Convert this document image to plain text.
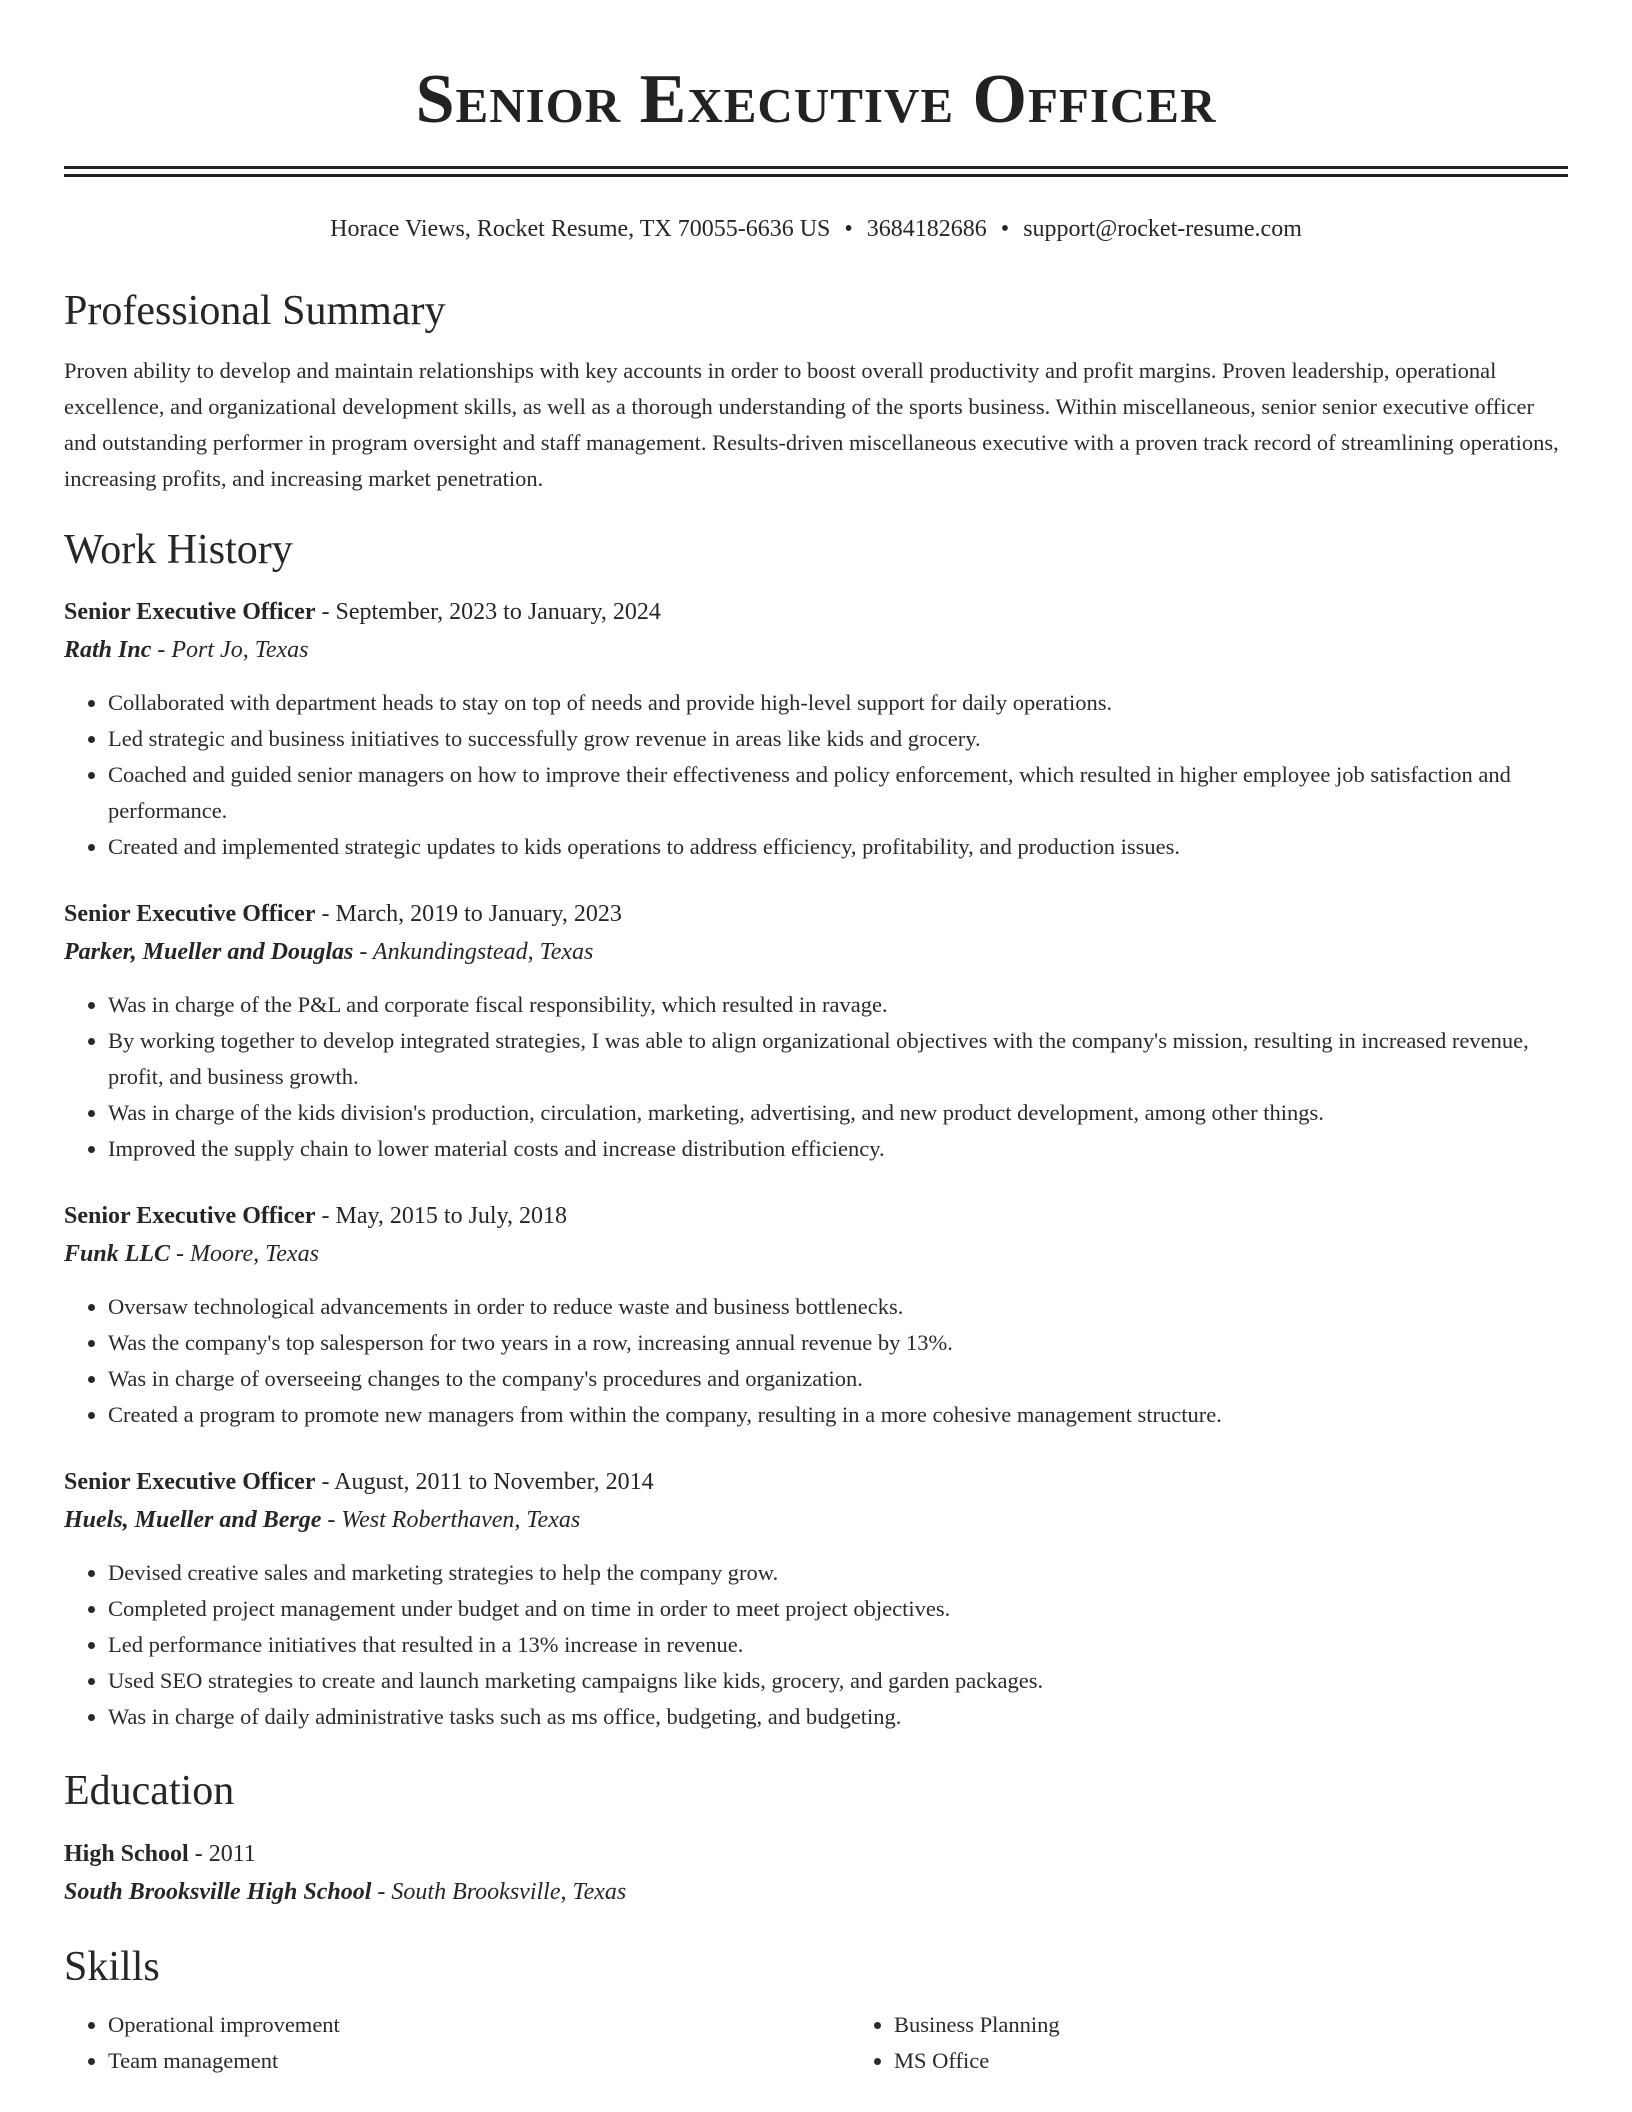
Senior Executive Officer
Horace Views, Rocket Resume, TX 70055-6636 US • 3684182686 • support@rocket-resume.com
Professional Summary
Proven ability to develop and maintain relationships with key accounts in order to boost overall productivity and profit margins. Proven leadership, operational excellence, and organizational development skills, as well as a thorough understanding of the sports business. Within miscellaneous, senior senior executive officer and outstanding performer in program oversight and staff management. Results-driven miscellaneous executive with a proven track record of streamlining operations, increasing profits, and increasing market penetration.
Work History
Senior Executive Officer - September, 2023 to January, 2024
Rath Inc - Port Jo, Texas
• Collaborated with department heads to stay on top of needs and provide high-level support for daily operations.
• Led strategic and business initiatives to successfully grow revenue in areas like kids and grocery.
• Coached and guided senior managers on how to improve their effectiveness and policy enforcement, which resulted in higher employee job satisfaction and performance.
• Created and implemented strategic updates to kids operations to address efficiency, profitability, and production issues.
Senior Executive Officer - March, 2019 to January, 2023
Parker, Mueller and Douglas - Ankundingstead, Texas
• Was in charge of the P&L and corporate fiscal responsibility, which resulted in ravage.
• By working together to develop integrated strategies, I was able to align organizational objectives with the company's mission, resulting in increased revenue, profit, and business growth.
• Was in charge of the kids division's production, circulation, marketing, advertising, and new product development, among other things.
• Improved the supply chain to lower material costs and increase distribution efficiency.
Senior Executive Officer - May, 2015 to July, 2018
Funk LLC - Moore, Texas
• Oversaw technological advancements in order to reduce waste and business bottlenecks.
• Was the company's top salesperson for two years in a row, increasing annual revenue by 13%.
• Was in charge of overseeing changes to the company's procedures and organization.
• Created a program to promote new managers from within the company, resulting in a more cohesive management structure.
Senior Executive Officer - August, 2011 to November, 2014
Huels, Mueller and Berge - West Roberthaven, Texas
• Devised creative sales and marketing strategies to help the company grow.
• Completed project management under budget and on time in order to meet project objectives.
• Led performance initiatives that resulted in a 13% increase in revenue.
• Used SEO strategies to create and launch marketing campaigns like kids, grocery, and garden packages.
• Was in charge of daily administrative tasks such as ms office, budgeting, and budgeting.
Education
High School - 2011
South Brooksville High School - South Brooksville, Texas
Skills
• Operational improvement
• Team management
• Business Planning
• MS Office
